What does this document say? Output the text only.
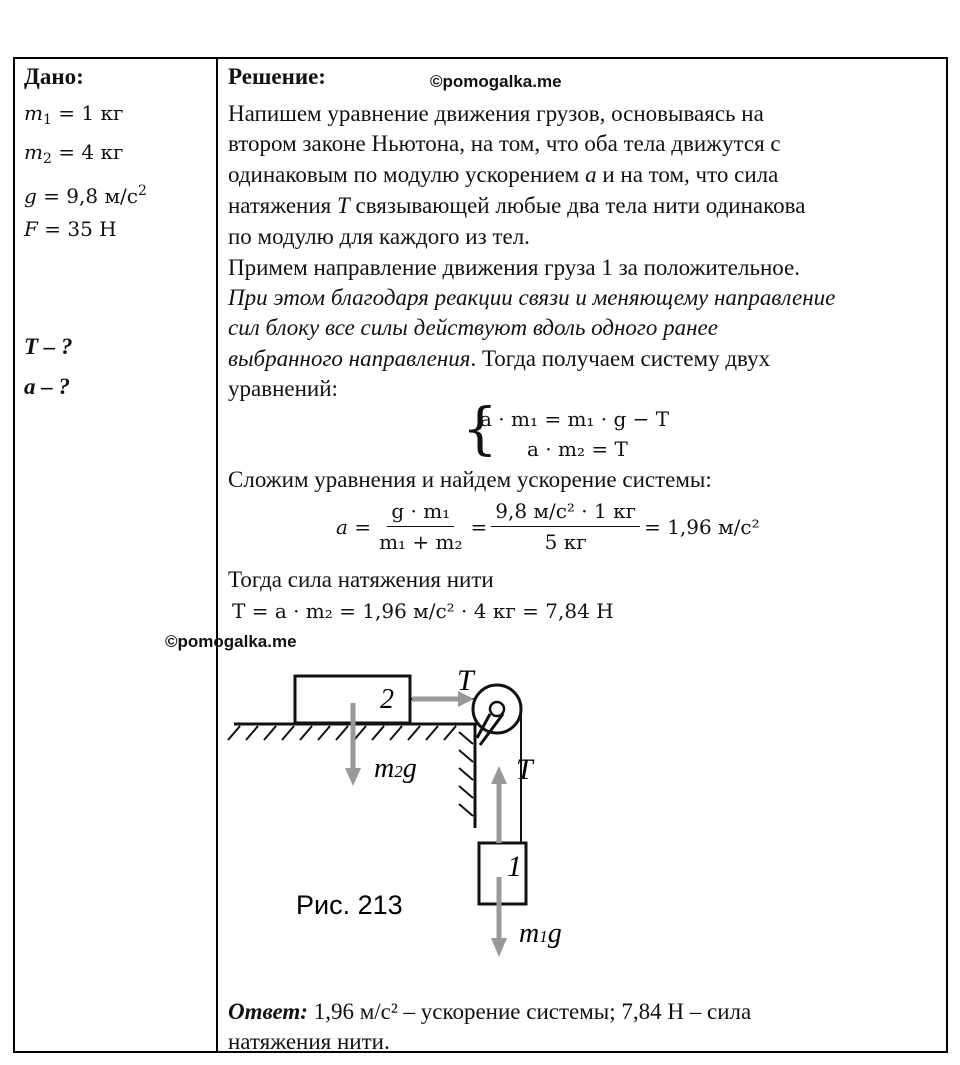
©pomogalka.me
©pomogalka.me
Дано:
$m_1 = 1$ кг
$m_2 = 4$ кг
g = 9,8 $м/с^2$
F = 35 Н
T – ?
a – ?
Решение:
Напишем уравнение движения грузов, основываясь на
втором законе Ньютона, на том, что оба тела движутся с
одинаковым по модулю ускорением a и на том, что сила
натяжения T связывающей любые два тела нити одинакова
по модулю для каждого из тел.
Примем направление движения груза 1 за положительное.
При этом благодаря реакции связи и меняющему направление
сил блоку все силы действуют вдоль одного ранее
выбранного направления. Тогда получаем систему двух
уравнений:
{
a · m₁ = m₁ · g − T
a · m₂ = T
Сложим уравнения и найдем ускорение системы:
$a = \frac{\text{g · m₁}}{\text{m₁ + m₂}} = \frac{\text{9,8 м/с² · 1 кг}}{5 кг} = 1,96$ м/с²
Тогда сила натяжения нити
T = a · m₂ = 1,96 м/с² · 4 кг = 7,84 Н
2
1
T
T
m2g
m1g
Рис. 213
Ответ: 1,96 м/с² – ускорение системы; 7,84 Н – сила
натяжения нити.
